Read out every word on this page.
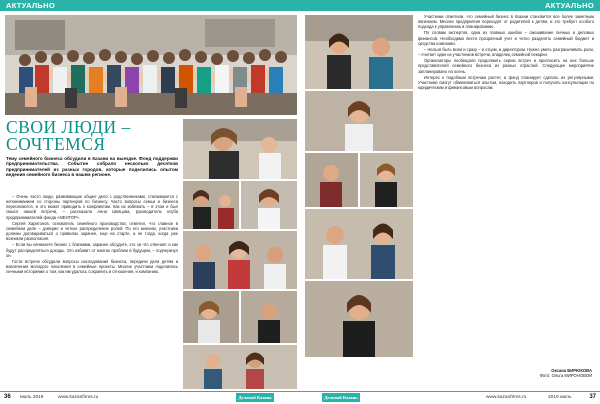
АКТУАЛЬНО	АКТУАЛЬНО
СВОИ ЛЮДИ – СОЧТЕМСЯ

Тему семейного бизнеса обсудили в Казани на выездке. Фонд поддержки предпринимательства. Событие собрало несколько десятков предпринимателей из разных городов, которые поделились опытом ведения семейного бизнеса в нашем регионе.

– Очень часто люди, развивающие общее дело с родственниками, сталкиваются с непониманием со стороны партнеров по бизнесу. Часто вопросы семьи и бизнеса пересекаются, и это может приводить к конфликтам. Как их избежать – в этом и был смысл нашей встречи, – рассказала Анна Шевцова, руководитель клуба предпринимателей фонда «МЕНТОР».

Сергей Харитонов, основатель семейного производства, отметил, что главное в семейном деле – доверие и четкое распределение ролей. По его мнению, участники должны договариваться о правилах заранее, еще на старте, а не тогда, когда уже возникли разногласия.

– Если вы начинаете бизнес с близкими, заранее обсудите, кто за что отвечает и как будут распределяться доходы. Это избавит от многих проблем в будущем, – подчеркнул он.

Гости встречи обсудили вопросы наследования бизнеса, передачи дела детям и вовлечения молодого поколения в семейные проекты. Многие участники поделились личными историями о том, как им удалось сохранить и отношения, и компанию.

Участники отметили, что семейный бизнес в Казани становится все более заметным явлением. Многие предприятия переходят от родителей к детям, и это требует особого подхода к управлению и планированию.

По словам экспертов, одна из главных ошибок – смешивание личных и деловых финансов. Необходимо вести прозрачный учет и четко разделять семейный бюджет и средства компании.

– Нельзя быть всем и сразу – и отцом, и директором. Нужно уметь разграничивать роли, – считает один из участников встречи, владелец семейной пекарни.

Организаторы пообещали продолжить серию встреч и пригласить на них больше представителей семейного бизнеса из разных отраслей. Следующее мероприятие запланировано на осень.

Интерес к подобным встречам растет, и фонд планирует сделать их регулярными. Участники смогут обмениваться опытом, находить партнеров и получать консультации по юридическим и финансовым вопросам.

Оксана БИРЮКОВА
Фото: Ольга МИРОНОВОЙ
36 июль 2019	www.kazanfirms.ru	Деловой Казань	Деловой Казань	www.kazanfirms.ru	2019 июль	37
